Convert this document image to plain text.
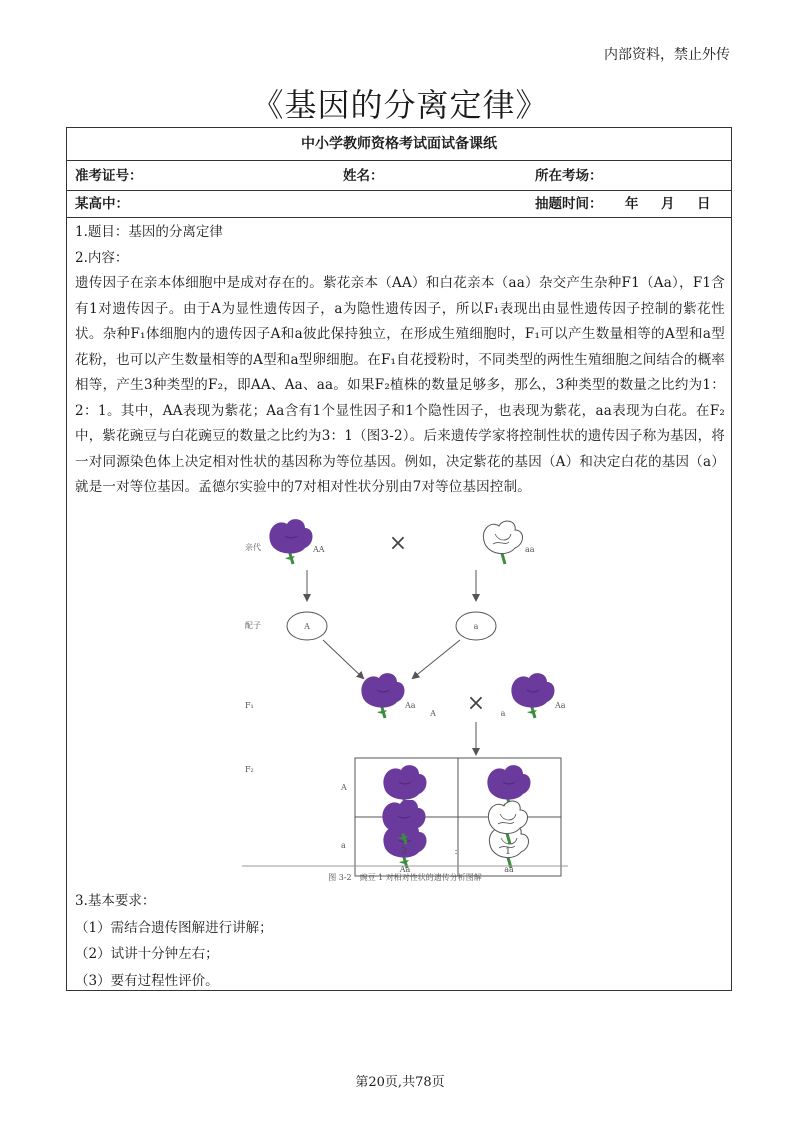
内部资料，禁止外传
《基因的分离定律》
中小学教师资格考试面试备课纸
准考证号：	姓名：	所在考场：
某高中：	抽题时间： 年 月 日
1.题目：基因的分离定律
2.内容：
遗传因子在亲本体细胞中是成对存在的。紫花亲本（AA）和白花亲本（aa）杂交产生杂种F1（Aa），F1含有1对遗传因子。由于A为显性遗传因子，a为隐性遗传因子，所以F₁表现出由显性遗传因子控制的紫花性状。杂种F₁体细胞内的遗传因子A和a彼此保持独立，在形成生殖细胞时，F₁可以产生数量相等的A型和a型花粉，也可以产生数量相等的A型和a型卵细胞。在F₁自花授粉时，不同类型的两性生殖细胞之间结合的概率相等，产生3种类型的F₂，即AA、Aa、aa。如果F₂植株的数量足够多，那么，3种类型的数量之比约为1：2：1。其中，AA表现为紫花；Aa含有1个显性因子和1个隐性因子，也表现为紫花，aa表现为白花。在F₂中，紫花豌豆与白花豌豆的数量之比约为3：1（图3-2）。后来遗传学家将控制性状的遗传因子称为基因，将一对同源染色体上决定相对性状的基因称为等位基因。例如，决定紫花的基因（A）和决定白花的基因（a）就是一对等位基因。孟德尔实验中的7对相对性状分别由7对等位基因控制。
亲代
配子
F₁
F₂
AA	×	aa
A	a
Aa ×	Aa
A	a
A
a
Aa	aa
3.基本要求：
（1）需结合遗传图解进行讲解；
（2）试讲十分钟左右；
（3）要有过程性评价。
3	:	1
图 3-2　豌豆 1 对相对性状的遗传分析图解
第20页,共78页
